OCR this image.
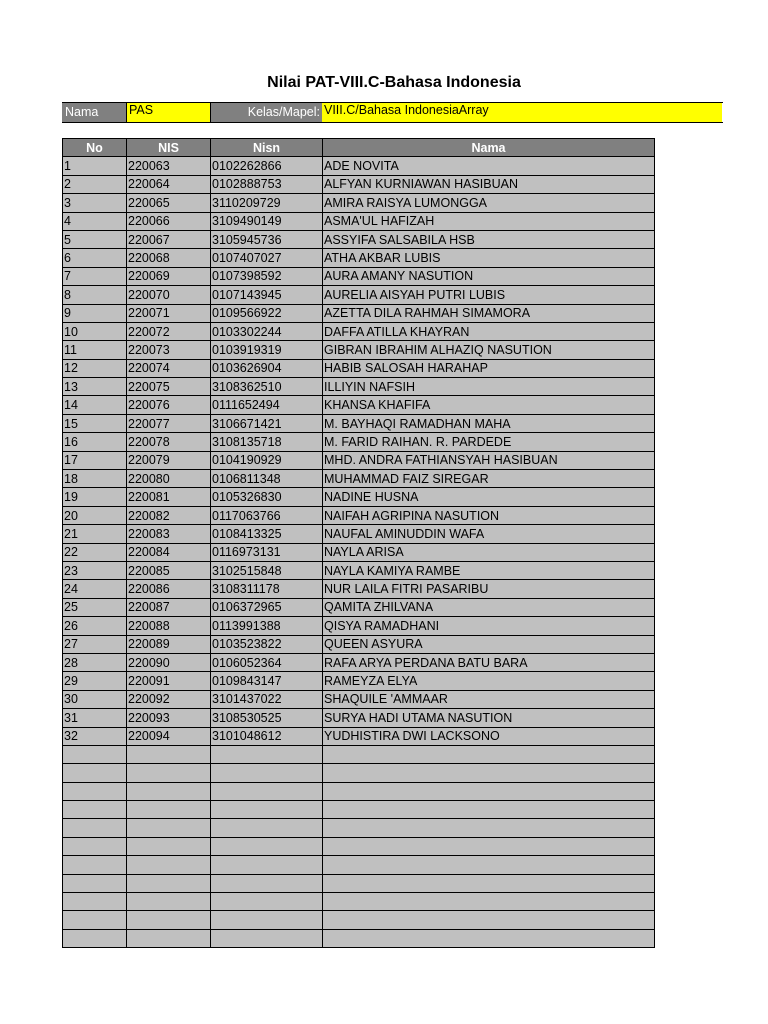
Nilai PAT-VIII.C-Bahasa Indonesia
Nama	PAS	Kelas/Mapel: VIII.C/Bahasa IndonesiaArray
No	NIS	Nisn	Nama
1	220063	0102262866	ADE NOVITA
2	220064	0102888753	ALFYAN KURNIAWAN HASIBUAN
3	220065	3110209729	AMIRA RAISYA LUMONGGA
4	220066	3109490149	ASMA'UL HAFIZAH
5	220067	3105945736	ASSYIFA SALSABILA HSB
6	220068	0107407027	ATHA AKBAR LUBIS
7	220069	0107398592	AURA AMANY NASUTION
8	220070	0107143945	AURELIA AISYAH PUTRI LUBIS
9	220071	0109566922	AZETTA DILA RAHMAH SIMAMORA
10	220072	0103302244	DAFFA ATILLA KHAYRAN
11	220073	0103919319	GIBRAN IBRAHIM ALHAZIQ NASUTION
12	220074	0103626904	HABIB SALOSAH HARAHAP
13	220075	3108362510	ILLIYIN NAFSIH
14	220076	0111652494	KHANSA KHAFIFA
15	220077	3106671421	M. BAYHAQI RAMADHAN MAHA
16	220078	3108135718	M. FARID RAIHAN. R. PARDEDE
17	220079	0104190929	MHD. ANDRA FATHIANSYAH HASIBUAN
18	220080	0106811348	MUHAMMAD FAIZ SIREGAR
19	220081	0105326830	NADINE HUSNA
20	220082	0117063766	NAIFAH AGRIPINA NASUTION
21	220083	0108413325	NAUFAL AMINUDDIN WAFA
22	220084	0116973131	NAYLA ARISA
23	220085	3102515848	NAYLA KAMIYA RAMBE
24	220086	3108311178	NUR LAILA FITRI PASARIBU
25	220087	0106372965	QAMITA ZHILVANA
26	220088	0113991388	QISYA RAMADHANI
27	220089	0103523822	QUEEN ASYURA
28	220090	0106052364	RAFA ARYA PERDANA BATU BARA
29	220091	0109843147	RAMEYZA ELYA
30	220092	3101437022	SHAQUILE 'AMMAAR
31	220093	3108530525	SURYA HADI UTAMA NASUTION
32	220094	3101048612	YUDHISTIRA DWI LACKSONO
